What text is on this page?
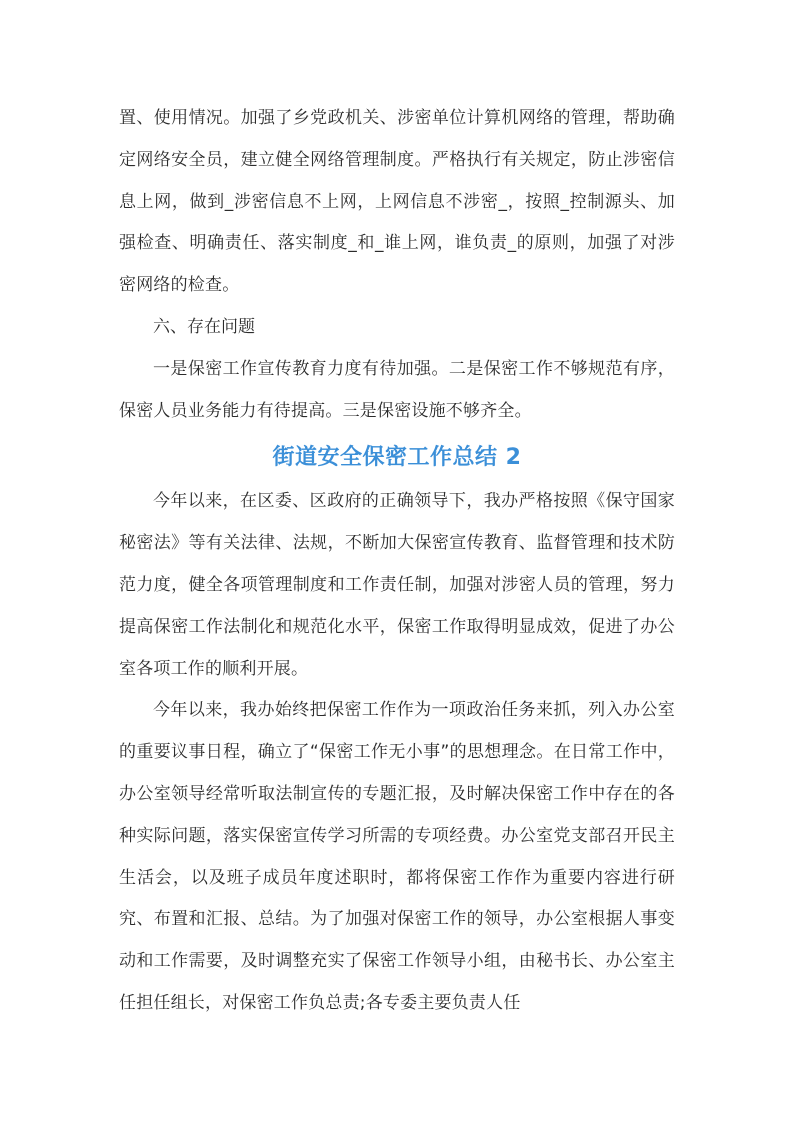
置、使用情况。加强了乡党政机关、涉密单位计算机网络的管理，帮助确定网络安全员，建立健全网络管理制度。严格执行有关规定，防止涉密信息上网，做到_涉密信息不上网，上网信息不涉密_，按照_控制源头、加强检查、明确责任、落实制度_和_谁上网，谁负责_的原则，加强了对涉密网络的检查。

六、存在问题

一是保密工作宣传教育力度有待加强。二是保密工作不够规范有序，保密人员业务能力有待提高。三是保密设施不够齐全。

街道安全保密工作总结 2

今年以来，在区委、区政府的正确领导下，我办严格按照《保守国家秘密法》等有关法律、法规，不断加大保密宣传教育、监督管理和技术防范力度，健全各项管理制度和工作责任制，加强对涉密人员的管理，努力提高保密工作法制化和规范化水平，保密工作取得明显成效，促进了办公室各项工作的顺利开展。

今年以来，我办始终把保密工作作为一项政治任务来抓，列入办公室的重要议事日程，确立了“保密工作无小事”的思想理念。在日常工作中，办公室领导经常听取法制宣传的专题汇报，及时解决保密工作中存在的各种实际问题，落实保密宣传学习所需的专项经费。办公室党支部召开民主生活会，以及班子成员年度述职时，都将保密工作作为重要内容进行研究、布置和汇报、总结。为了加强对保密工作的领导，办公室根据人事变动和工作需要，及时调整充实了保密工作领导小组，由秘书长、办公室主任担任组长，对保密工作负总责;各专委主要负责人任
